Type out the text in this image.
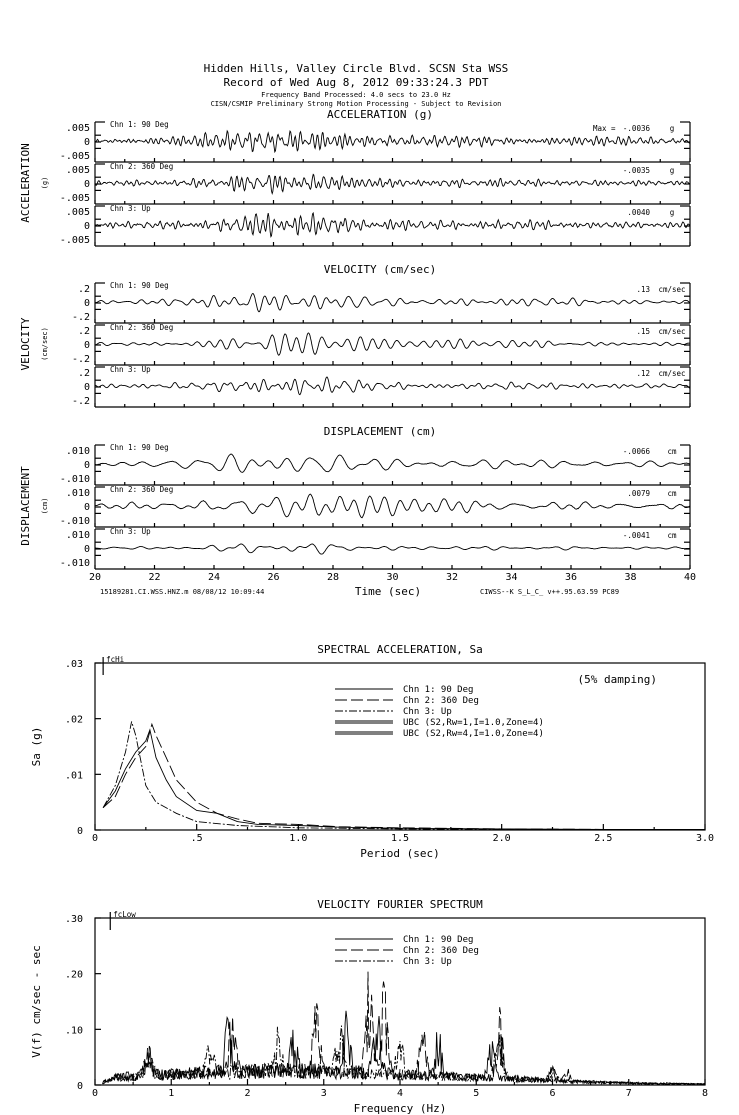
Hidden Hills, Valley Circle Blvd. SCSN Sta WSS
Record of Wed Aug 8, 2012 09:33:24.3 PDT
Frequency Band Processed: 4.0 secs to 23.0 Hz
CISN/CSMIP Preliminary Strong Motion Processing - Subject to Revision
ACCELERATION (g)
ACCELERATION (g)
.005
0
-.005
Chn 1: 90 Deg	Max = -.0036	g
.005
0
-.005
Chn 2: 360 Deg	-.0035	g
.005
0
-.005
Chn 3: Up	.0040	g
VELOCITY (cm/sec)
VELOCITY (cm/sec)
.2
0
-.2
Chn 1: 90 Deg	.13 cm/sec
.2
0
-.2
Chn 2: 360 Deg	.15 cm/sec
.2
0
-.2
Chn 3: Up	.12 cm/sec
DISPLACEMENT (cm)
DISPLACEMENT (cm)
.010
0
-.010
Chn 1: 90 Deg	-.0066 cm
.010
0
-.010
Chn 2: 360 Deg	.0079 cm
.010
0
-.010
Chn 3: Up	-.0041 cm
20	22	24	26	28	30	32	34	36	38	40
15189281.CI.WSS.HNZ.m 08/08/12 10:09:44	Time (sec)	CIWSS--K S_L_C_ v++.95.63.59 PC89
SPECTRAL ACCELERATION, Sa
Period (sec)
Sa (g)
0	.5	1.0	1.5	2.0	2.5	3.0
0
.01
.02
.03	fcHi
(5% damping)
Chn 1: 90 Deg
Chn 2: 360 Deg
Chn 3: Up
UBC (S2,Rw=1,I=1.0,Zone=4)
UBC (S2,Rw=4,I=1.0,Zone=4)
VELOCITY FOURIER SPECTRUM
Frequency (Hz)
V(f) cm/sec - sec
0	1	2	3	4	5	6	7	8
0
.10
.20
.30	fcLow
Chn 1: 90 Deg
Chn 2: 360 Deg
Chn 3: Up
